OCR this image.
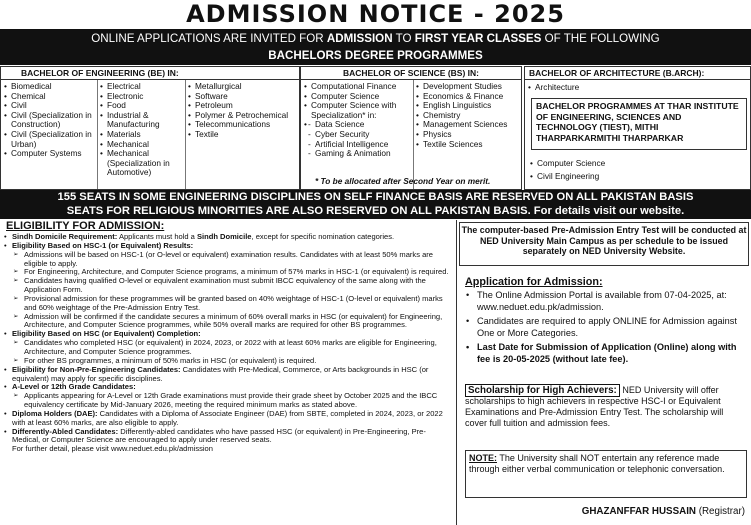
ADMISSION NOTICE - 2025
ONLINE APPLICATIONS ARE INVITED FOR ADMISSION TO FIRST YEAR CLASSES OF THE FOLLOWING
BACHELORS DEGREE PROGRAMMES
BACHELOR OF ENGINEERING (BE) IN:
• Biomedical
• Chemical
• Civil
• Civil (Specialization in Construction)
• Civil (Specialization in Urban)
• Computer Systems
• Electrical
• Electronic
• Food
• Industrial & Manufacturing
• Materials
• Mechanical
• Mechanical (Specialization in Automotive)
• Metallurgical
• Software
• Petroleum
• Polymer & Petrochemical
• Telecommunications
• Textile
BACHELOR OF SCIENCE (BS) IN:
• Computational Finance
• Computer Science
• Computer Science with Specialization* in:
- • Data Science
- Cyber Security
- Artificial Intelligence
- Gaming & Animation
• Development Studies
• Economics & Finance
• English Linguistics
• Chemistry
• Management Sciences
• Physics
• Textile Sciences
* To be allocated after Second Year on merit.
BACHELOR OF ARCHITECTURE (B.ARCH):
• Architecture
BACHELOR PROGRAMMES AT THAR INSTITUTE OF ENGINEERING, SCIENCES AND TECHNOLOGY (TIEST), MITHI THARPARKARMITHI THARPARKAR
• Computer Science
• Civil Engineering
155 SEATS IN SOME ENGINEERING DISCIPLINES ON SELF FINANCE BASIS ARE RESERVED ON ALL PAKISTAN BASIS
SEATS FOR RELIGIOUS MINORITIES ARE ALSO RESERVED ON ALL PAKISTAN BASIS. For details visit our website.
ELIGIBILITY FOR ADMISSION:
• Sindh Domicile Requirement: Applicants must hold a Sindh Domicile, except for specific nomination categories.
• Eligibility Based on HSC-1 (or Equivalent) Results:
➢ Admissions will be based on HSC-1 (or O-level or equivalent) examination results. Candidates with at least 50% marks are eligible to apply.
➢ For Engineering, Architecture, and Computer Science programs, a minimum of 57% marks in HSC-1 (or equivalent) is required.
➢ Candidates having qualified O-level or equivalent examination must submit IBCC equivalency of the same along with the Application Form.
➢ Provisional admission for these programmes will be granted based on 40% weightage of HSC-1 (O-level or equivalent) marks and 60% weightage of the Pre-Admission Entry Test.
➢ Admission will be confirmed if the candidate secures a minimum of 60% overall marks in HSC (or equivalent) for Engineering, Architecture, and Computer Science programmes, while 50% overall marks are required for other BS programmes.
• Eligibility Based on HSC (or Equivalent) Completion:
➢ Candidates who completed HSC (or equivalent) in 2024, 2023, or 2022 with at least 60% marks are eligible for Engineering, Architecture, and Computer Science programmes.
➢ For other BS programmes, a minimum of 50% marks in HSC (or equivalent) is required.
• Eligibility for Non-Pre-Engineering Candidates: Candidates with Pre-Medical, Commerce, or Arts backgrounds in HSC (or equivalent) may apply for specific disciplines.
• A-Level or 12th Grade Candidates:
➢ Applicants appearing for A-Level or 12th Grade examinations must provide their grade sheet by October 2025 and the IBCC equivalency certificate by Mid-January 2026, meeting the required minimum marks as stated above.
• Diploma Holders (DAE): Candidates with a Diploma of Associate Engineer (DAE) from SBTE, completed in 2024, 2023, or 2022 with at least 60% marks, are also eligible to apply.
• Differently-Abled Candidates: Differently-abled candidates who have passed HSC (or equivalent) in Pre-Engineering, Pre-Medical, or Computer Science are encouraged to apply under reserved seats.
For further detail, please visit www.neduet.edu.pk/admission
The computer-based Pre-Admission Entry Test will be conducted at NED University Main Campus as per schedule to be issued separately on NED University Website.
Application for Admission:
• The Online Admission Portal is available from 07-04-2025, at: www.neduet.edu.pk/admission.
• Candidates are required to apply ONLINE for Admission against One or More Categories.
• Last Date for Submission of Application (Online) along with fee is 20-05-2025 (without late fee).
Scholarship for High Achievers: NED University will offer scholarships to high achievers in respective HSC-I or Equivalent Examinations and Pre-Admission Entry Test. The scholarship will cover full tuition and admission fees.
NOTE: The University shall NOT entertain any reference made through either verbal communication or telephonic conversation.
GHAZANFFAR HUSSAIN (Registrar)
